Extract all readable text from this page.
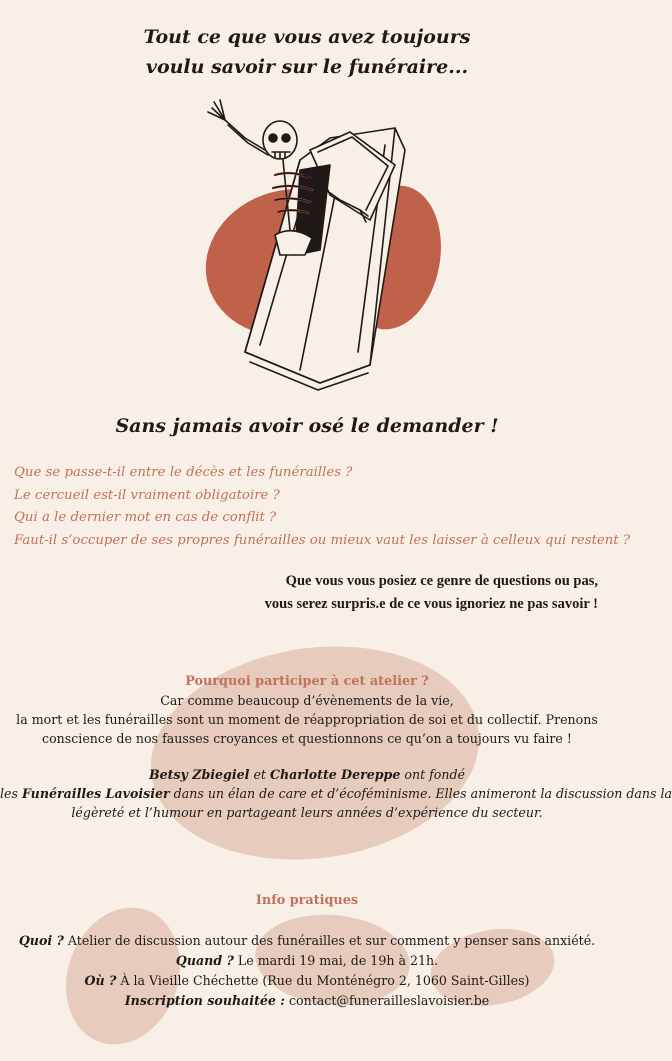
Tout ce que vous avez toujours
voulu savoir sur le funéraire...
Sans jamais avoir osé le demander !
Que se passe-t-il entre le décès et les funérailles ?
Le cercueil est-il vraiment obligatoire ?
Qui a le dernier mot en cas de conflit ?
Faut-il s’occuper de ses propres funérailles ou mieux vaut les laisser à celleux qui restent ?
Que vous vous posiez ce genre de questions ou pas,
vous serez surpris.e de ce vous ignoriez ne pas savoir !
Pourquoi participer à cet atelier ?
Car comme beaucoup d’évènements de la vie,
la mort et les funérailles sont un moment de réappropriation de soi et du collectif. Prenons
conscience de nos fausses croyances et questionnons ce qu’on a toujours vu faire !
Betsy Zbiegiel et Charlotte Dereppe ont fondé
les Funérailles Lavoisier dans un élan de care et d’écoféminisme. Elles animeront la discussion dans la
légèreté et l’humour en partageant leurs années d’expérience du secteur.
Info pratiques
Quoi ? Atelier de discussion autour des funérailles et sur comment y penser sans anxiété.
Quand ? Le mardi 19 mai, de 19h à 21h.
Où ? À la Vieille Chéchette (Rue du Monténégro 2, 1060 Saint-Gilles)
Inscription souhaitée : contact@funerailleslavoisier.be
